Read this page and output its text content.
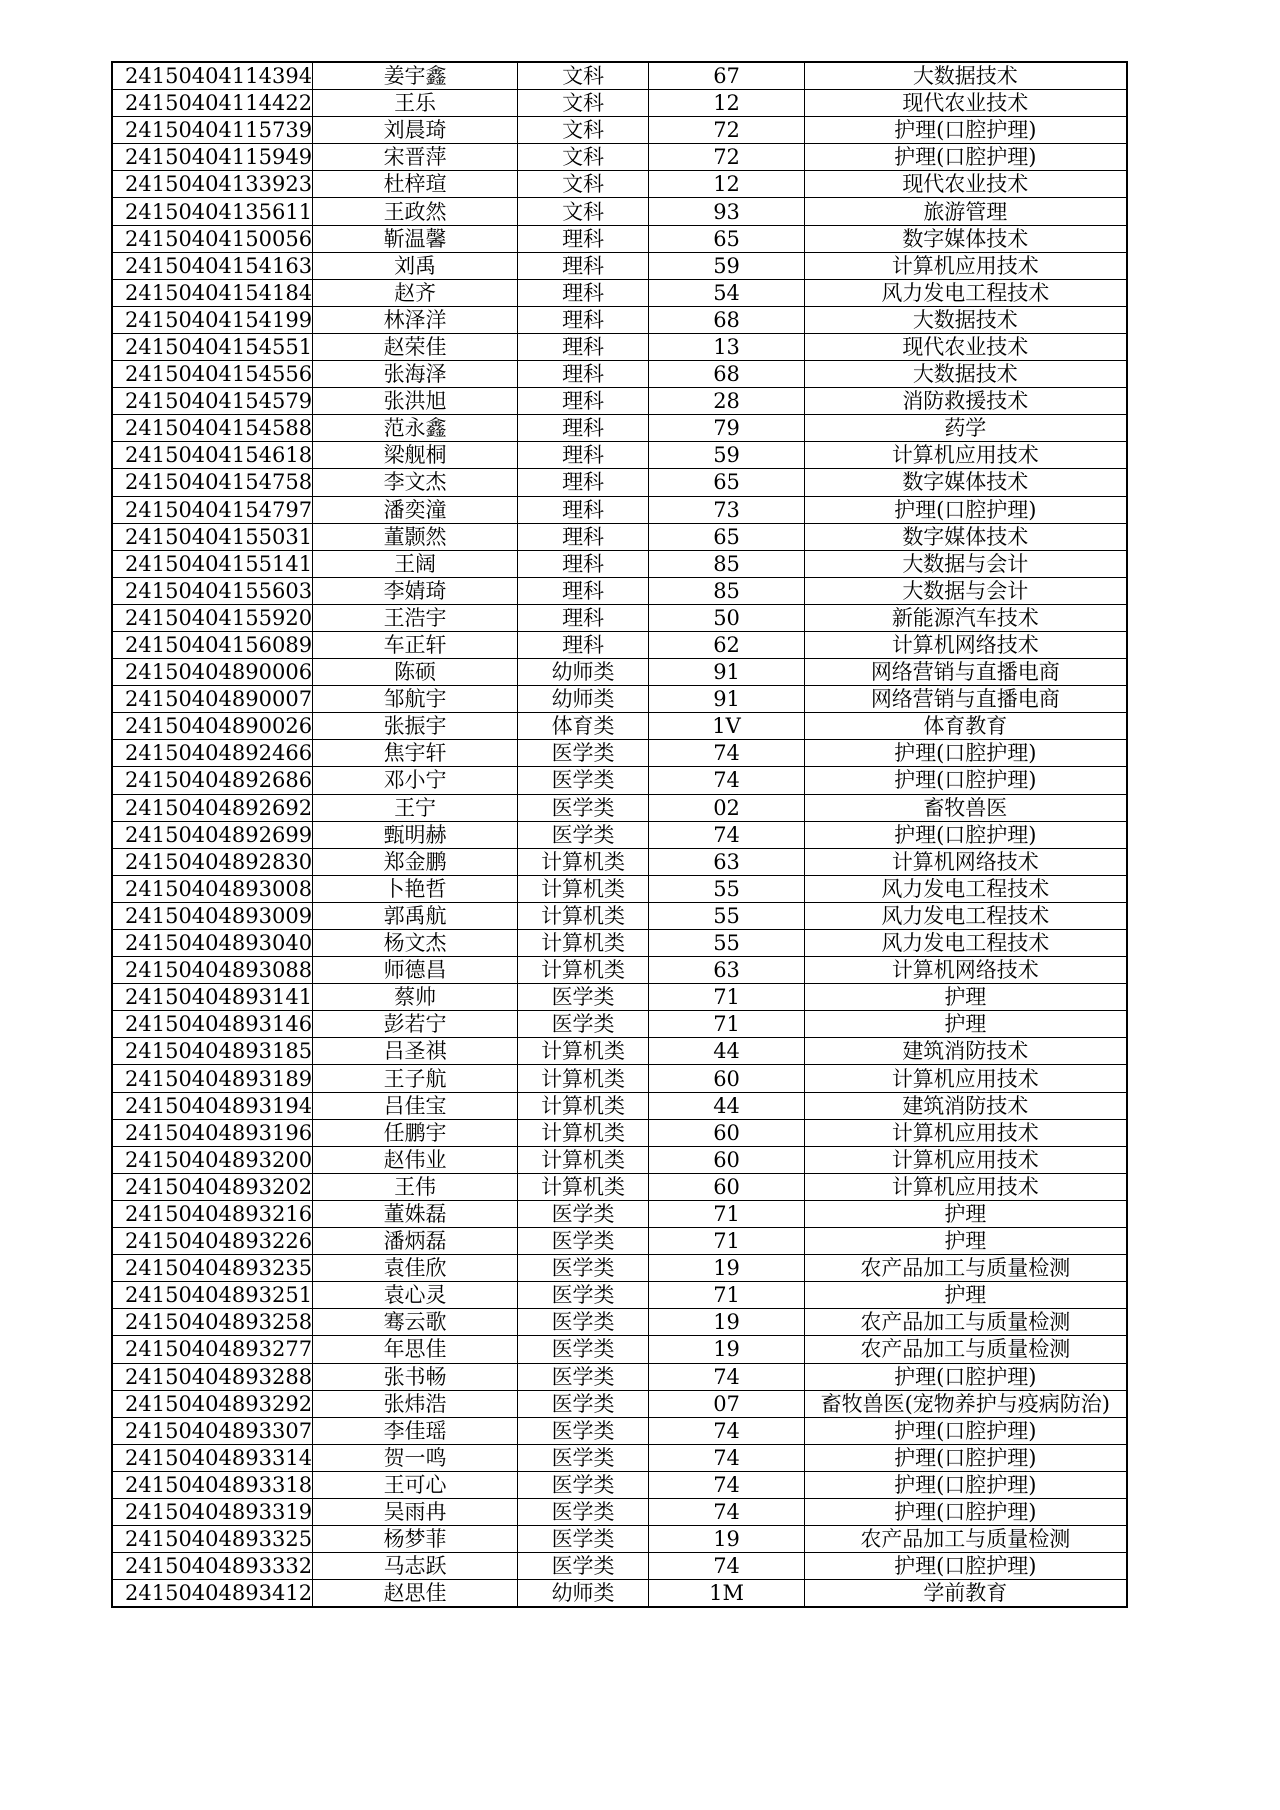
24150404114394	姜宇鑫	文科	67	大数据技术
24150404114422	王乐	文科	12	现代农业技术
24150404115739	刘晨琦	文科	72	护理(口腔护理)
24150404115949	宋晋萍	文科	72	护理(口腔护理)
24150404133923	杜梓瑄	文科	12	现代农业技术
24150404135611	王政然	文科	93	旅游管理
24150404150056	靳温馨	理科	65	数字媒体技术
24150404154163	刘禹	理科	59	计算机应用技术
24150404154184	赵齐	理科	54	风力发电工程技术
24150404154199	林泽洋	理科	68	大数据技术
24150404154551	赵荣佳	理科	13	现代农业技术
24150404154556	张海泽	理科	68	大数据技术
24150404154579	张洪旭	理科	28	消防救援技术
24150404154588	范永鑫	理科	79	药学
24150404154618	梁舰桐	理科	59	计算机应用技术
24150404154758	李文杰	理科	65	数字媒体技术
24150404154797	潘奕潼	理科	73	护理(口腔护理)
24150404155031	董颢然	理科	65	数字媒体技术
24150404155141	王阔	理科	85	大数据与会计
24150404155603	李婧琦	理科	85	大数据与会计
24150404155920	王浩宇	理科	50	新能源汽车技术
24150404156089	车正轩	理科	62	计算机网络技术
24150404890006	陈硕	幼师类	91	网络营销与直播电商
24150404890007	邹航宇	幼师类	91	网络营销与直播电商
24150404890026	张振宇	体育类	1V	体育教育
24150404892466	焦宇轩	医学类	74	护理(口腔护理)
24150404892686	邓小宁	医学类	74	护理(口腔护理)
24150404892692	王宁	医学类	02	畜牧兽医
24150404892699	甄明赫	医学类	74	护理(口腔护理)
24150404892830	郑金鹏	计算机类	63	计算机网络技术
24150404893008	卜艳哲	计算机类	55	风力发电工程技术
24150404893009	郭禹航	计算机类	55	风力发电工程技术
24150404893040	杨文杰	计算机类	55	风力发电工程技术
24150404893088	师德昌	计算机类	63	计算机网络技术
24150404893141	蔡帅	医学类	71	护理
24150404893146	彭若宁	医学类	71	护理
24150404893185	吕圣祺	计算机类	44	建筑消防技术
24150404893189	王子航	计算机类	60	计算机应用技术
24150404893194	吕佳宝	计算机类	44	建筑消防技术
24150404893196	任鹏宇	计算机类	60	计算机应用技术
24150404893200	赵伟业	计算机类	60	计算机应用技术
24150404893202	王伟	计算机类	60	计算机应用技术
24150404893216	董姝磊	医学类	71	护理
24150404893226	潘炳磊	医学类	71	护理
24150404893235	袁佳欣	医学类	19	农产品加工与质量检测
24150404893251	袁心灵	医学类	71	护理
24150404893258	骞云歌	医学类	19	农产品加工与质量检测
24150404893277	年思佳	医学类	19	农产品加工与质量检测
24150404893288	张书畅	医学类	74	护理(口腔护理)
24150404893292	张炜浩	医学类	07	畜牧兽医(宠物养护与疫病防治)
24150404893307	李佳瑶	医学类	74	护理(口腔护理)
24150404893314	贺一鸣	医学类	74	护理(口腔护理)
24150404893318	王可心	医学类	74	护理(口腔护理)
24150404893319	吴雨冉	医学类	74	护理(口腔护理)
24150404893325	杨梦菲	医学类	19	农产品加工与质量检测
24150404893332	马志跃	医学类	74	护理(口腔护理)
24150404893412	赵思佳	幼师类	1M	学前教育
